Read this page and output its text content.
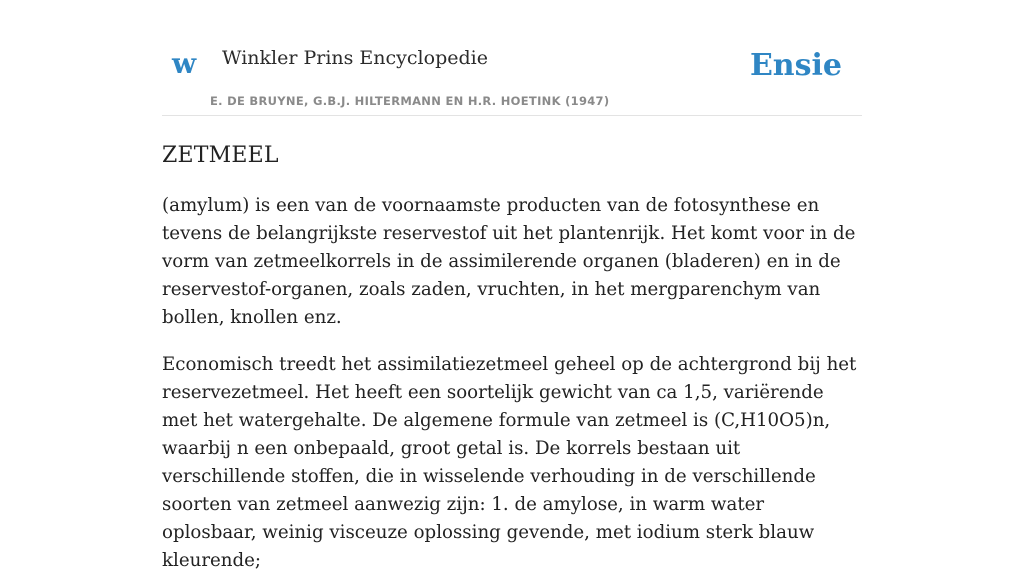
w Winkler Prins Encyclopedie
E. DE BRUYNE, G.B.J. HILTERMANN EN H.R. HOETINK (1947)
Ensie
ZETMEEL

(amylum) is een van de voornaamste producten van de fotosynthese en tevens de belangrijkste reservestof uit het plantenrijk. Het komt voor in de vorm van zetmeelkorrels in de assimilerende organen (bladeren) en in de reservestof-organen, zoals zaden, vruchten, in het mergparenchym van bollen, knollen enz.

Economisch treedt het assimilatiezetmeel geheel op de achtergrond bij het reservezetmeel. Het heeft een soortelijk gewicht van ca 1,5, variërende met het watergehalte. De algemene formule van zetmeel is (C,H10O5)n, waarbij n een onbepaald, groot getal is. De korrels bestaan uit verschillende stoffen, die in wisselende verhouding in de verschillende soorten van zetmeel aanwezig zijn: 1. de amylose, in warm water oplosbaar, weinig visceuze oplossing gevende, met iodium sterk blauw kleurende;
